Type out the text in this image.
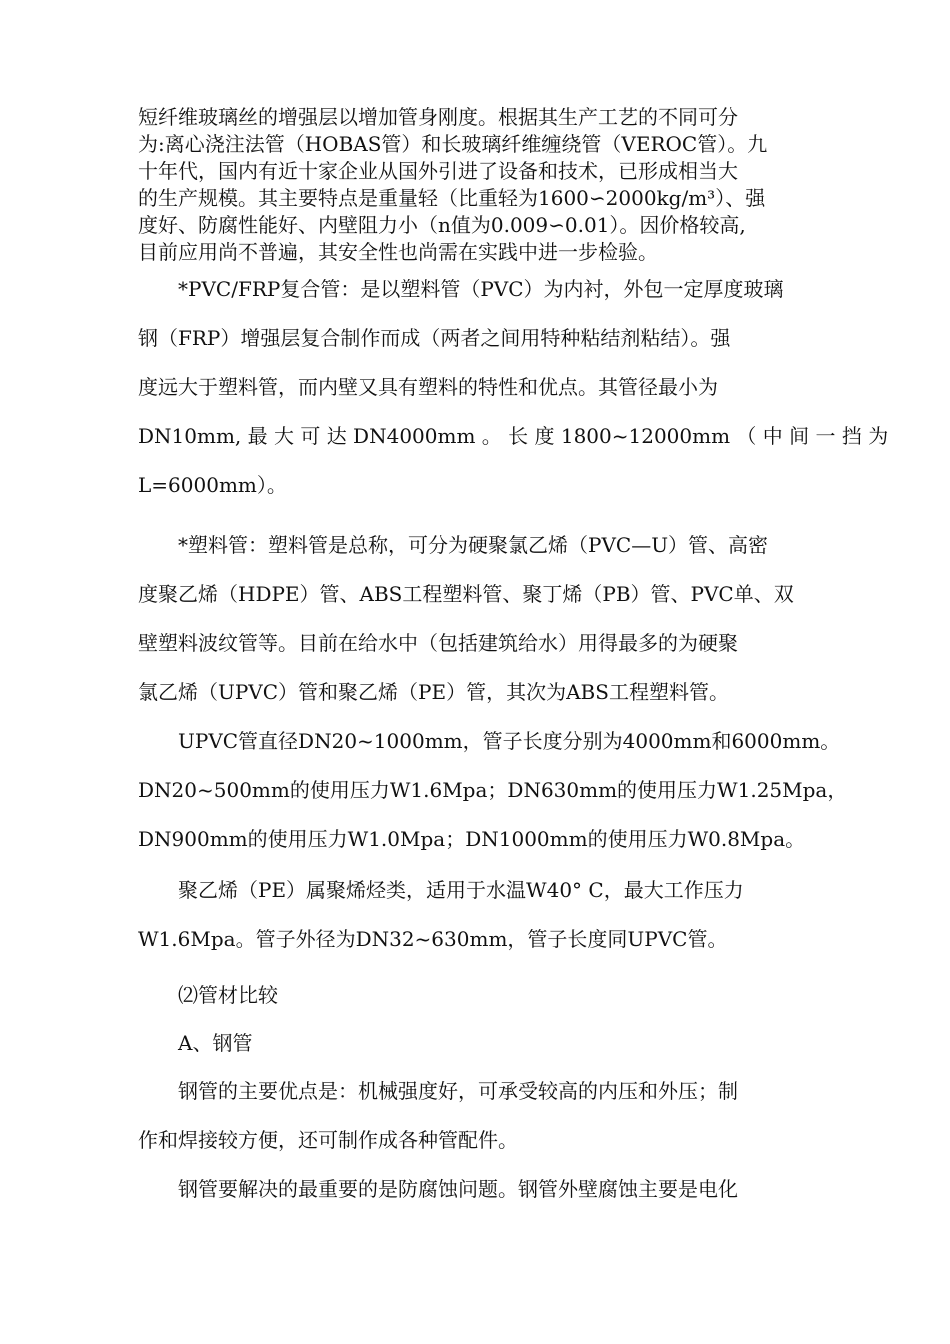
短纤维玻璃丝的增强层以增加管身刚度。根据其生产工艺的不同可分
为:离心浇注法管（HOBAS管）和长玻璃纤维缠绕管（VEROC管）。九
十年代，国内有近十家企业从国外引进了设备和技术，已形成相当大
的生产规模。其主要特点是重量轻（比重轻为1600∽2000kg/m³）、强
度好、防腐性能好、内壁阻力小（n值为0.009∽0.01）。因价格较高,
目前应用尚不普遍，其安全性也尚需在实践中进一步检验。
*PVC/FRP复合管：是以塑料管（PVC）为内衬，外包一定厚度玻璃
钢（FRP）增强层复合制作而成（两者之间用特种粘结剂粘结）。强
度远大于塑料管，而内壁又具有塑料的特性和优点。其管径最小为
DN10mm, 最 大 可 达 DN4000mm 。 长 度 1800~12000mm （ 中 间 一 挡 为
L=6000mm）。
*塑料管：塑料管是总称，可分为硬聚氯乙烯（PVC—U）管、高密
度聚乙烯（HDPE）管、ABS工程塑料管、聚丁烯（PB）管、PVC单、双
壁塑料波纹管等。目前在给水中（包括建筑给水）用得最多的为硬聚
氯乙烯（UPVC）管和聚乙烯（PE）管，其次为ABS工程塑料管。
UPVC管直径DN20~1000mm，管子长度分别为4000mm和6000mm。
DN20~500mm的使用压力W1.6Mpa；DN630mm的使用压力W1.25Mpa，
DN900mm的使用压力W1.0Mpa；DN1000mm的使用压力W0.8Mpa。
聚乙烯（PE）属聚烯烃类，适用于水温W40° C，最大工作压力
W1.6Mpa。管子外径为DN32~630mm，管子长度同UPVC管。
⑵管材比较
A、钢管
钢管的主要优点是：机械强度好，可承受较高的内压和外压；制
作和焊接较方便，还可制作成各种管配件。
钢管要解决的最重要的是防腐蚀问题。钢管外壁腐蚀主要是电化
